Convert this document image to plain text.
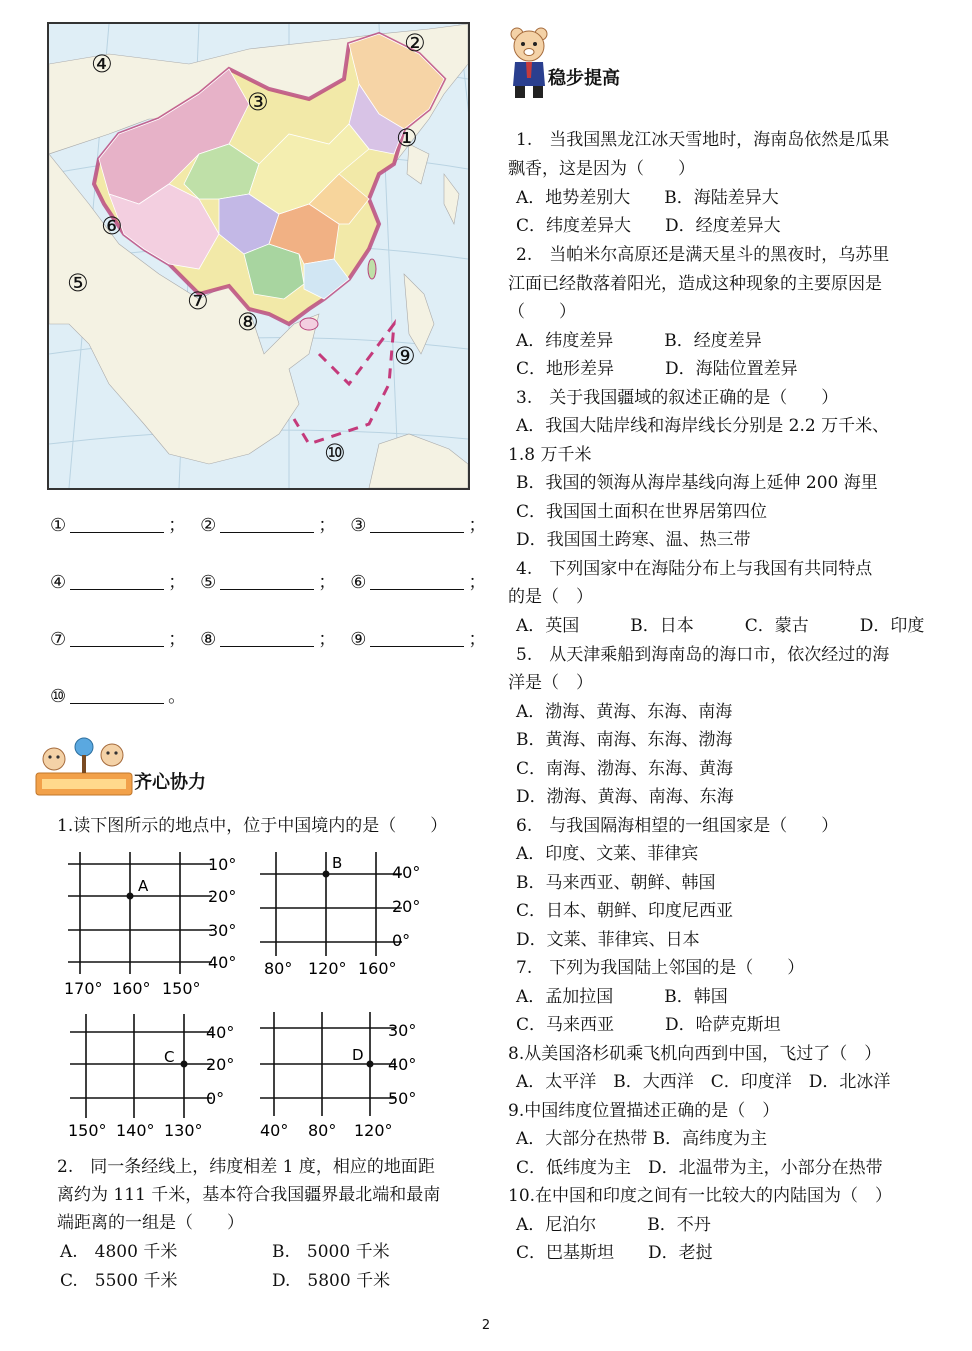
①
②
③
④
⑤
⑥
⑦
⑧
⑨
⑩
①	； ②	； ③	；
④	； ⑤	； ⑥	；
⑦	； ⑧	； ⑨	；
⑩	。
齐心协力
1.读下图所示的地点中，位于中国境内的是（　　）
A
10°
20°
30°
40°
170° 160° 150°
B	40°
20°
0°
80° 120° 160°
C
40°
20°
0°
150° 140° 130°
D
30°
40°
50°
40° 80° 120°
2.　同一条经线上，纬度相差 1 度，相应的地面距
离约为 111 千米，基本符合我国疆界最北端和最南
端距离的一组是（　　）
A.　4800 千米	B.　5000 千米
C.　5500 千米	D.　5800 千米
稳步提高
1.　当我国黑龙江冰天雪地时，海南岛依然是瓜果
飘香，这是因为（　　）
A．地势差别大　　B．海陆差异大
C．纬度差异大　　D．经度差异大
2.　当帕米尔高原还是满天星斗的黑夜时，乌苏里
江面已经散落着阳光，造成这种现象的主要原因是
（　　）
A．纬度差异　　　B．经度差异
C．地形差异　　　D．海陆位置差异
3.　关于我国疆域的叙述正确的是（　　）
A．我国大陆岸线和海岸线长分别是 2.2 万千米、
1.8 万千米
B．我国的领海从海岸基线向海上延伸 200 海里
C．我国国土面积在世界居第四位
D．我国国土跨寒、温、热三带
4.　下列国家中在海陆分布上与我国有共同特点
的是（　）
A．英国　　　B．日本　　　C．蒙古　　　D．印度
5.　从天津乘船到海南岛的海口市，依次经过的海
洋是（　）
A．渤海、黄海、东海、南海
B．黄海、南海、东海、渤海
C．南海、渤海、东海、黄海
D．渤海、黄海、南海、东海
6.　与我国隔海相望的一组国家是（　　）
A．印度、文莱、菲律宾
B．马来西亚、朝鲜、韩国
C．日本、朝鲜、印度尼西亚
D．文莱、菲律宾、日本
7.　下列为我国陆上邻国的是（　　）
A．孟加拉国　　　B．韩国
C．马来西亚　　　D．哈萨克斯坦
8.从美国洛杉矶乘飞机向西到中国，飞过了（　）
A．太平洋　B．大西洋　C．印度洋　D．北冰洋
9.中国纬度位置描述正确的是（　）
A．大部分在热带 B．高纬度为主
C．低纬度为主　D．北温带为主，小部分在热带
10.在中国和印度之间有一比较大的内陆国为（　）
A．尼泊尔　　　B．不丹
C．巴基斯坦　　D．老挝
2
